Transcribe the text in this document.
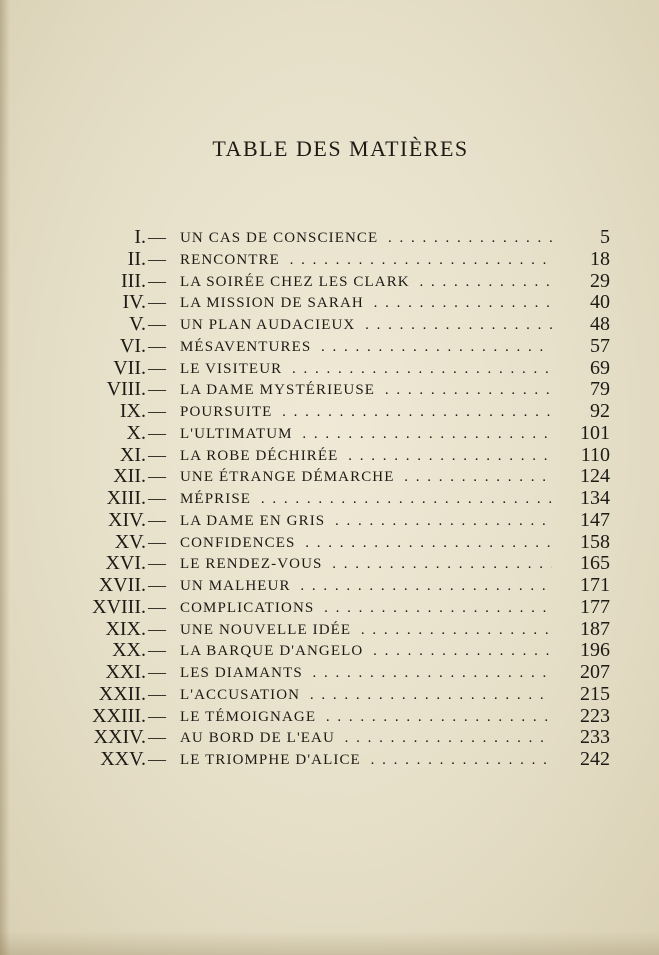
TABLE DES MATIÈRES
I. — UN CAS DE CONSCIENCE . . .	5
II. — RENCONTRE . . .	18
III. — LA SOIRÉE CHEZ LES CLARK . . .	29
IV. — LA MISSION DE SARAH . . .	40
V. — UN PLAN AUDACIEUX . . .	48
VI. — MÉSAVENTURES . . .	57
VII. — LE VISITEUR . . .	69
VIII. — LA DAME MYSTÉRIEUSE . . .	79
IX. — POURSUITE . . .	92
X. — L'ULTIMATUM . . .	101
XI. — LA ROBE DÉCHIRÉE . . .	110
XII. — UNE ÉTRANGE DÉMARCHE . . .	124
XIII. — MÉPRISE . . .	134
XIV. — LA DAME EN GRIS . . .	147
XV. — CONFIDENCES . . .	158
XVI. — LE RENDEZ-VOUS . . .	165
XVII. — UN MALHEUR . . .	171
XVIII. — COMPLICATIONS . . .	177
XIX. — UNE NOUVELLE IDÉE . . .	187
XX. — LA BARQUE D'ANGELO . . .	196
XXI. — LES DIAMANTS . . .	207
XXII. — L'ACCUSATION . . .	215
XXIII. — LE TÉMOIGNAGE . . .	223
XXIV. — AU BORD DE L'EAU . . .	233
XXV. — LE TRIOMPHE D'ALICE . . .	242
